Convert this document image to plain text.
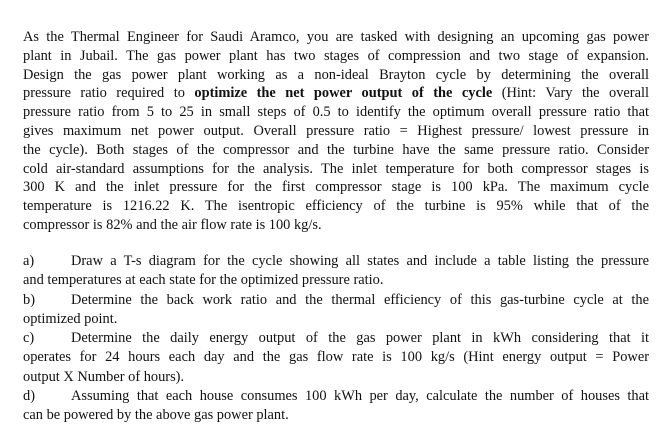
As the Thermal Engineer for Saudi Aramco, you are tasked with designing an upcoming gas power
plant in Jubail. The gas power plant has two stages of compression and two stage of expansion.
Design the gas power plant working as a non-ideal Brayton cycle by determining the overall
pressure ratio required to optimize the net power output of the cycle (Hint: Vary the overall
pressure ratio from 5 to 25 in small steps of 0.5 to identify the optimum overall pressure ratio that
gives maximum net power output. Overall pressure ratio = Highest pressure/ lowest pressure in
the cycle). Both stages of the compressor and the turbine have the same pressure ratio. Consider
cold air-standard assumptions for the analysis. The inlet temperature for both compressor stages is
300 K and the inlet pressure for the first compressor stage is 100 kPa. The maximum cycle
temperature is 1216.22 K. The isentropic efficiency of the turbine is 95% while that of the
compressor is 82% and the air flow rate is 100 kg/s.
a)	Draw a T-s diagram for the cycle showing all states and include a table listing the pressure
and temperatures at each state for the optimized pressure ratio.
b)	Determine the back work ratio and the thermal efficiency of this gas-turbine cycle at the
optimized point.
c)	Determine the daily energy output of the gas power plant in kWh considering that it
operates for 24 hours each day and the gas flow rate is 100 kg/s (Hint energy output = Power
output X Number of hours).
d)	Assuming that each house consumes 100 kWh per day, calculate the number of houses that
can be powered by the above gas power plant.
